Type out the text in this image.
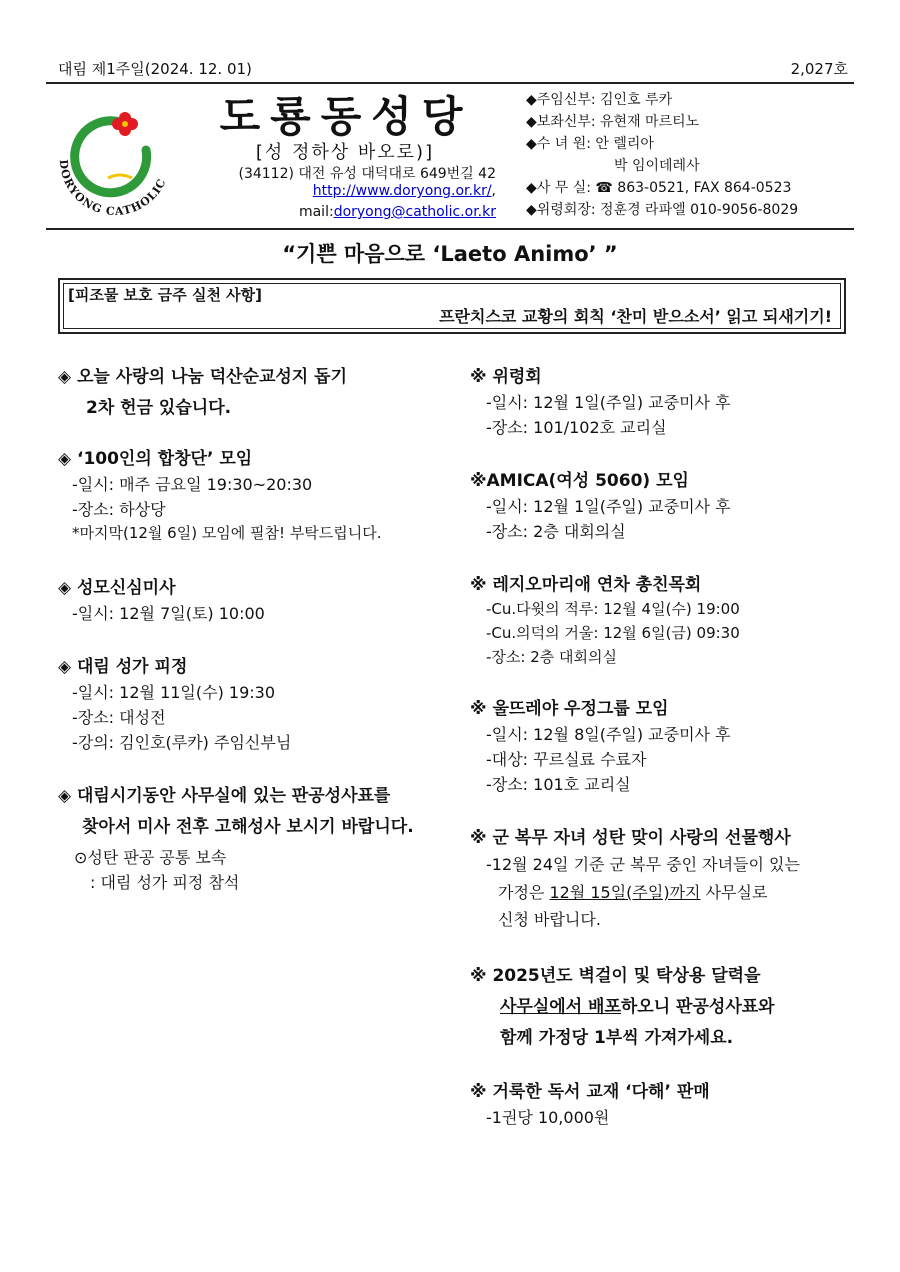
대림 제1주일(2024. 12. 01)	2,027호
DORYONG CATHOLIC
도룡동성당
[성 정하상 바오로)]
(34112) 대전 유성 대덕대로 649번길 42
http://www.doryong.or.kr/,
mail:doryong@catholic.or.kr
◆주임신부: 김인호 루카
◆보좌신부: 유현재 마르티노
◆수 녀 원: 안 렐리아
박 임이데레사
◆사 무 실: ☎ 863-0521, FAX 864-0523
◆위령회장: 정훈경 라파엘 010-9056-8029
“기쁜 마음으로 ‘Laeto Animo’ ”
[피조물 보호 금주 실천 사항]
프란치스코 교황의 회칙 ‘찬미 받으소서’ 읽고 되새기기!
◈ 오늘 사랑의 나눔 덕산순교성지 돕기
2차 헌금 있습니다.
◈ ‘100인의 합창단’ 모임
-일시: 매주 금요일 19:30~20:30
-장소: 하상당
*마지막(12월 6일) 모임에 필참! 부탁드립니다.
◈ 성모신심미사
-일시: 12월 7일(토) 10:00
◈ 대림 성가 피정
-일시: 12월 11일(수) 19:30
-장소: 대성전
-강의: 김인호(루카) 주임신부님
◈ 대림시기동안 사무실에 있는 판공성사표를
찾아서 미사 전후 고해성사 보시기 바랍니다.
⊙성탄 판공 공통 보속
: 대림 성가 피정 참석
※ 위령회
-일시: 12월 1일(주일) 교중미사 후
-장소: 101/102호 교리실
※AMICA(여성 5060) 모임
-일시: 12월 1일(주일) 교중미사 후
-장소: 2층 대회의실
※ 레지오마리애 연차 총친목회
-Cu.다윗의 적루: 12월 4일(수) 19:00
-Cu.의덕의 거울: 12월 6일(금) 09:30
-장소: 2층 대회의실
※ 울뜨레야 우정그룹 모임
-일시: 12월 8일(주일) 교중미사 후
-대상: 꾸르실료 수료자
-장소: 101호 교리실
※ 군 복무 자녀 성탄 맞이 사랑의 선물행사
-12월 24일 기준 군 복무 중인 자녀들이 있는
가정은 12월 15일(주일)까지 사무실로
신청 바랍니다.
※ 2025년도 벽걸이 및 탁상용 달력을
사무실에서 배포하오니 판공성사표와
함께 가정당 1부씩 가져가세요.
※ 거룩한 독서 교재 ‘다해’ 판매
-1권당 10,000원
